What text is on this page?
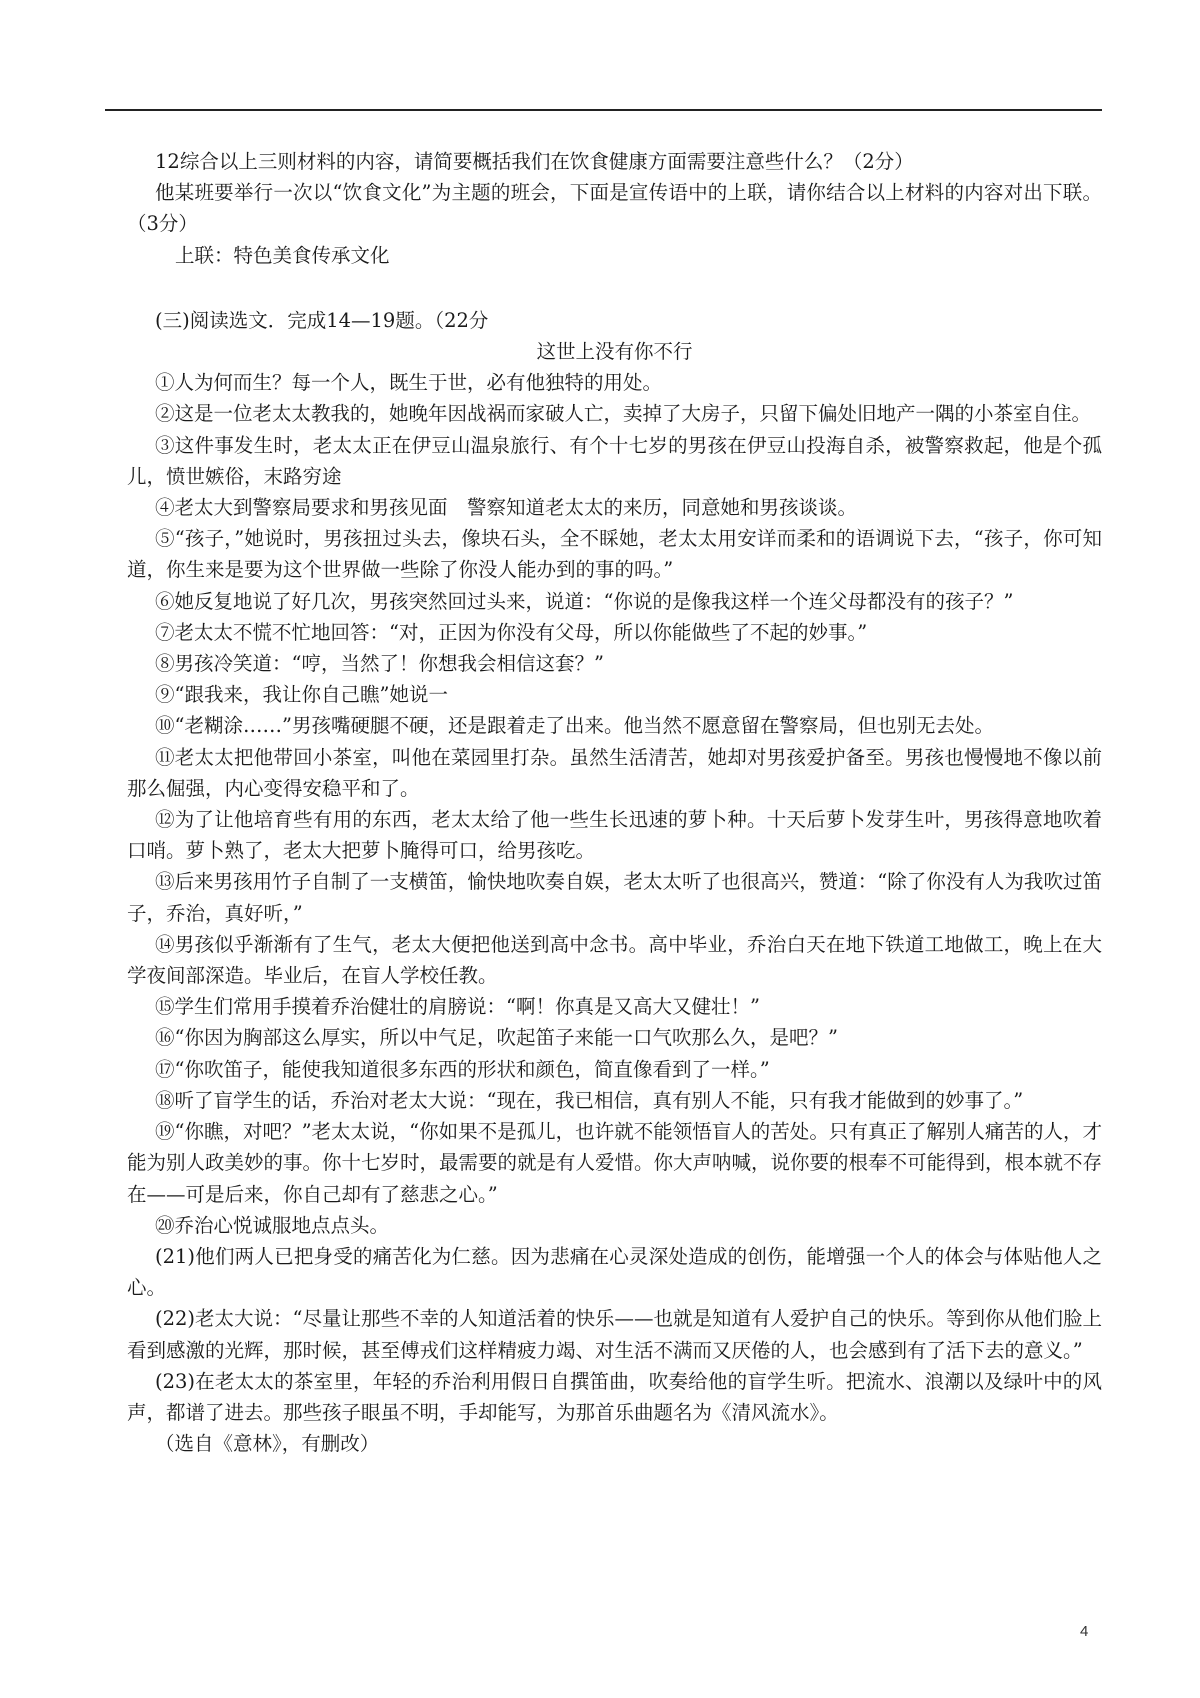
12综合以上三则材料的内容，请简要概括我们在饮食健康方面需要注意些什么？（2分）

他某班要举行一次以“饮食文化”为主题的班会，下面是宣传语中的上联，请你结合以上材料的内容对出下联。（3分）

上联：特色美食传承文化

(三)阅读选文．完成14—19题。（22分

这世上没有你不行

①人为何而生？每一个人，既生于世，必有他独特的用处。

②这是一位老太太教我的，她晚年因战祸而家破人亡，卖掉了大房子，只留下偏处旧地产一隅的小茶室自住。

③这件事发生时，老太太正在伊豆山温泉旅行、有个十七岁的男孩在伊豆山投海自杀，被警察救起，他是个孤儿，愤世嫉俗，末路穷途

④老太大到警察局要求和男孩见面　警察知道老太太的来历，同意她和男孩谈谈。

⑤“孩子，”她说时，男孩扭过头去，像块石头，全不睬她，老太太用安详而柔和的语调说下去，“孩子，你可知道，你生来是要为这个世界做一些除了你没人能办到的事的吗。”

⑥她反复地说了好几次，男孩突然回过头来，说道：“你说的是像我这样一个连父母都没有的孩子？”

⑦老太太不慌不忙地回答：“对，正因为你没有父母，所以你能做些了不起的妙事。”

⑧男孩冷笑道：“哼，当然了！你想我会相信这套？”

⑨“跟我来，我让你自己瞧”她说一

⑩“老糊涂……”男孩嘴硬腿不硬，还是跟着走了出来。他当然不愿意留在警察局，但也别无去处。

⑪老太太把他带回小茶室，叫他在菜园里打杂。虽然生活清苦，她却对男孩爱护备至。男孩也慢慢地不像以前那么倔强，内心变得安稳平和了。

⑫为了让他培育些有用的东西，老太太给了他一些生长迅速的萝卜种。十天后萝卜发芽生叶，男孩得意地吹着口哨。萝卜熟了，老太大把萝卜腌得可口，给男孩吃。

⑬后来男孩用竹子自制了一支横笛，愉快地吹奏自娱，老太太听了也很高兴，赞道：“除了你没有人为我吹过笛子，乔治，真好听，”

⑭男孩似乎渐渐有了生气，老太大便把他送到高中念书。高中毕业，乔治白天在地下铁道工地做工，晚上在大学夜间部深造。毕业后，在盲人学校任教。

⑮学生们常用手摸着乔治健壮的肩膀说：“啊！你真是又高大又健壮！”

⑯“你因为胸部这么厚实，所以中气足，吹起笛子来能一口气吹那么久，是吧？”

⑰“你吹笛子，能使我知道很多东西的形状和颜色，简直像看到了一样。”

⑱听了盲学生的话，乔治对老太大说：“现在，我已相信，真有别人不能，只有我才能做到的妙事了。”

⑲“你瞧，对吧？”老太太说，“你如果不是孤儿，也许就不能领悟盲人的苦处。只有真正了解别人痛苦的人，才能为别人政美妙的事。你十七岁时，最需要的就是有人爱惜。你大声呐喊，说你要的根奉不可能得到，根本就不存在——可是后来，你自己却有了慈悲之心。”

⑳乔治心悦诚服地点点头。

(21)他们两人已把身受的痛苦化为仁慈。因为悲痛在心灵深处造成的创伤，能增强一个人的体会与体贴他人之心。

(22)老太大说：“尽量让那些不幸的人知道活着的快乐——也就是知道有人爱护自己的快乐。等到你从他们脸上看到感激的光辉，那时候，甚至傅戎们这样精疲力竭、对生活不满而又厌倦的人，也会感到有了活下去的意义。”

(23)在老太太的茶室里，年轻的乔治利用假日自撰笛曲，吹奏给他的盲学生听。把流水、浪潮以及绿叶中的风声，都谱了进去。那些孩子眼虽不明，手却能写，为那首乐曲题名为《清风流水》。

（选自《意林》，有删改）

4
